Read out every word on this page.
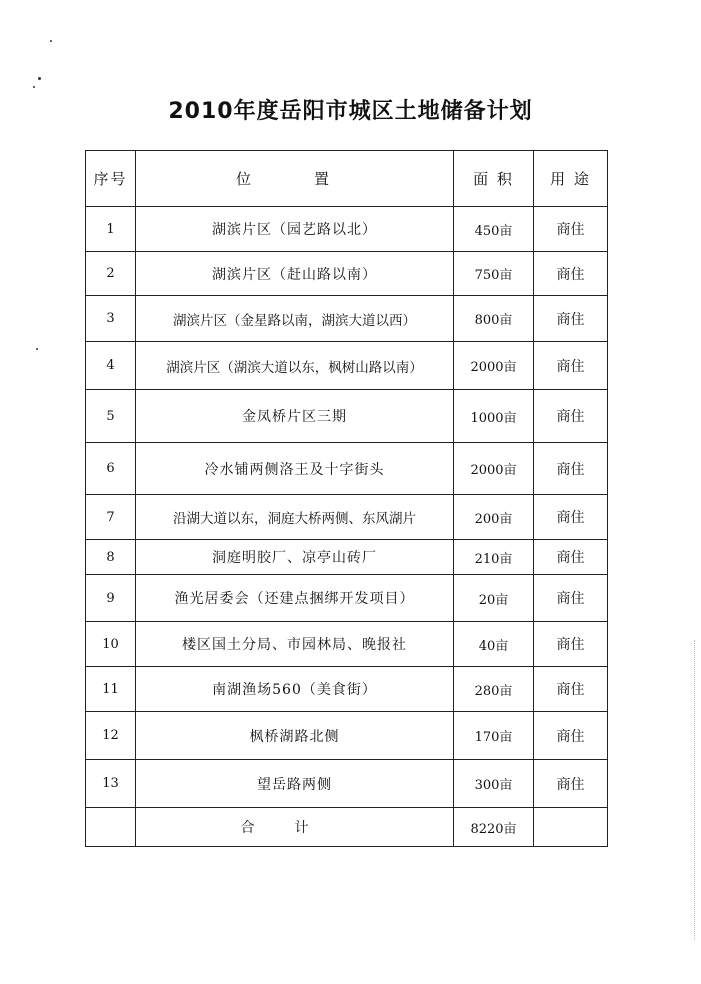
2010年度岳阳市城区土地储备计划
序号	位　置	面 积	用 途
1	湖滨片区（园艺路以北）	450亩	商住
2	湖滨片区（赶山路以南）	750亩	商住
3	湖滨片区（金星路以南，湖滨大道以西）	800亩	商住
4	湖滨片区（湖滨大道以东，枫树山路以南）	2000亩	商住
5	金凤桥片区三期	1000亩	商住
6	冷水铺两侧洛王及十字街头	2000亩	商住
7	沿湖大道以东，洞庭大桥两侧、东风湖片	200亩	商住
8	洞庭明胶厂、凉亭山砖厂	210亩	商住
9	渔光居委会（还建点捆绑开发项目）	20亩	商住
10	楼区国土分局、市园林局、晚报社	40亩	商住
11	南湖渔场560（美食街）	280亩	商住
12	枫桥湖路北侧	170亩	商住
13	望岳路两侧	300亩	商住
	合计	8220亩	
